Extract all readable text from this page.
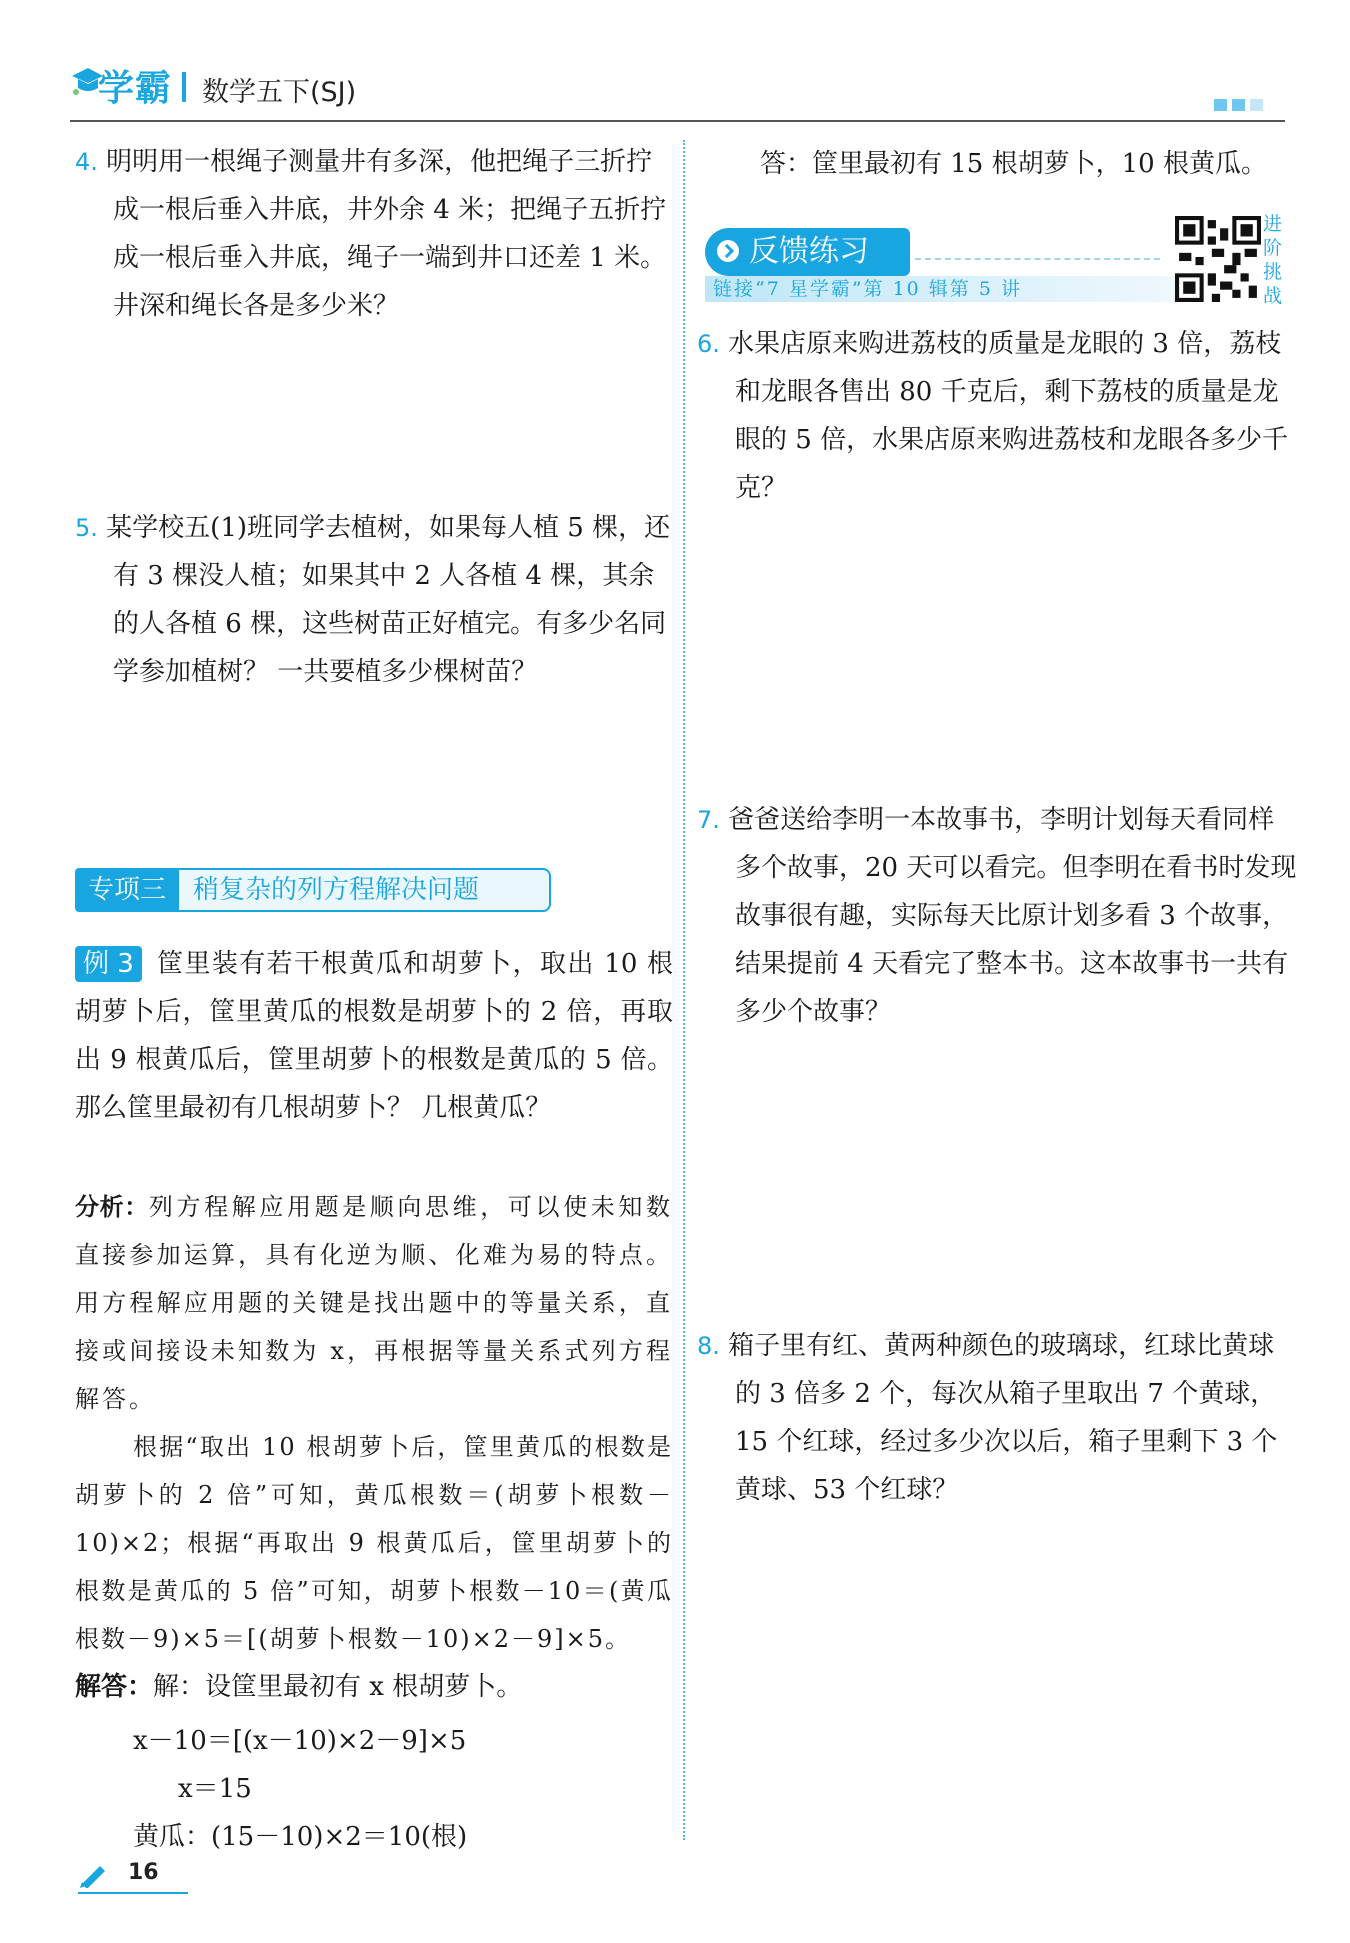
学霸 数学五下(SJ)
4. 明明用一根绳子测量井有多深，他把绳子三折拧成一根后垂入井底，井外余 4 米；把绳子五折拧成一根后垂入井底，绳子一端到井口还差 1 米。井深和绳长各是多少米？
5. 某学校五(1)班同学去植树，如果每人植 5 棵，还有 3 棵没人植；如果其中 2 人各植 4 棵，其余的人各植 6 棵，这些树苗正好植完。有多少名同学参加植树？ 一共要植多少棵树苗？
专项三	稍复杂的列方程解决问题
例 3 筐里装有若干根黄瓜和胡萝卜，取出 10 根胡萝卜后，筐里黄瓜的根数是胡萝卜的 2 倍，再取出 9 根黄瓜后，筐里胡萝卜的根数是黄瓜的 5 倍。那么筐里最初有几根胡萝卜？ 几根黄瓜？
分析：列方程解应用题是顺向思维，可以使未知数直接参加运算，具有化逆为顺、化难为易的特点。用方程解应用题的关键是找出题中的等量关系，直接或间接设未知数为 x，再根据等量关系式列方程解答。
根据“取出 10 根胡萝卜后，筐里黄瓜的根数是胡萝卜的 2 倍”可知，黄瓜根数＝(胡萝卜根数－10)×2；根据“再取出 9 根黄瓜后，筐里胡萝卜的根数是黄瓜的 5 倍”可知，胡萝卜根数－10＝(黄瓜根数－9)×5＝[(胡萝卜根数－10)×2－9]×5。
解答：解：设筐里最初有 x 根胡萝卜。
x－10＝[(x－10)×2－9]×5
x＝15
黄瓜：(15－10)×2＝10(根)
答：筐里最初有 15 根胡萝卜，10 根黄瓜。
反馈练习
链接“7 星学霸”第 10 辑第 5 讲
进阶挑战
6. 水果店原来购进荔枝的质量是龙眼的 3 倍，荔枝和龙眼各售出 80 千克后，剩下荔枝的质量是龙眼的 5 倍，水果店原来购进荔枝和龙眼各多少千克？
7. 爸爸送给李明一本故事书，李明计划每天看同样多个故事，20 天可以看完。但李明在看书时发现故事很有趣，实际每天比原计划多看 3 个故事，结果提前 4 天看完了整本书。这本故事书一共有多少个故事？
8. 箱子里有红、黄两种颜色的玻璃球，红球比黄球的 3 倍多 2 个，每次从箱子里取出 7 个黄球，15 个红球，经过多少次以后，箱子里剩下 3 个黄球、53 个红球？
16
